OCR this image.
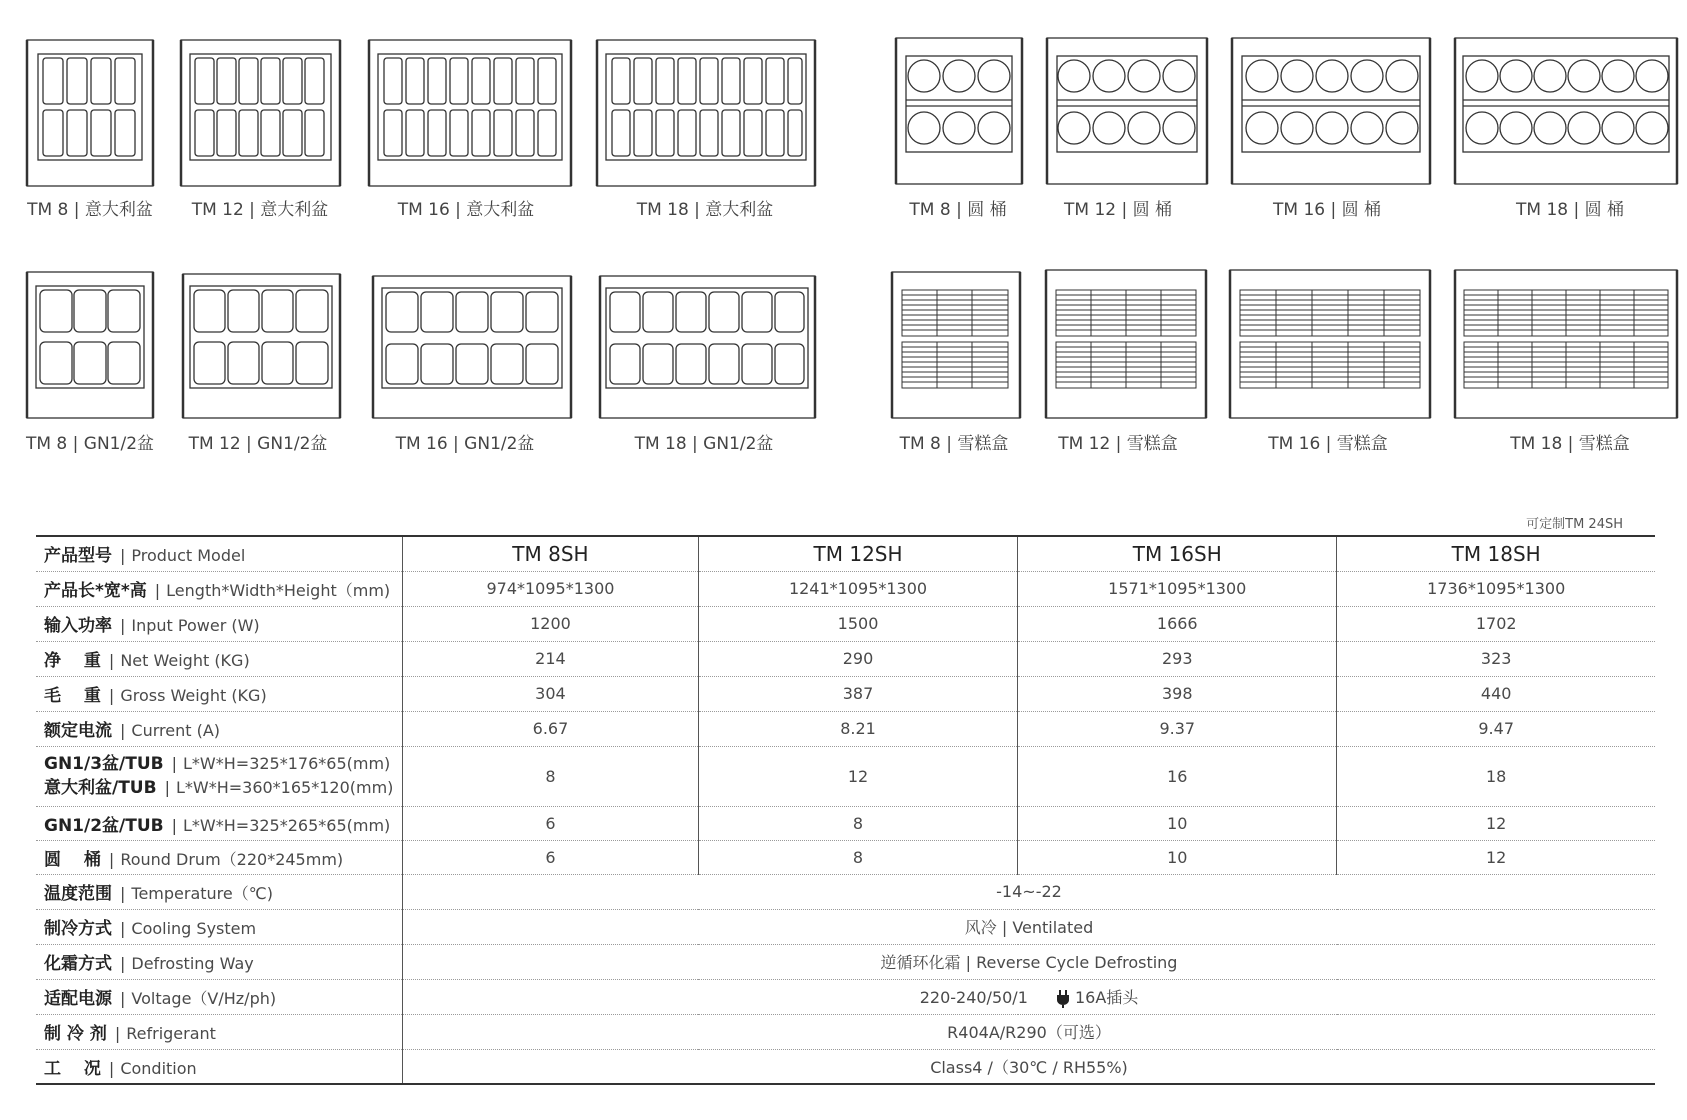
TM 8 | 意大利盆 TM 12 | 意大利盆	TM 16 | 意大利盆	TM 18 | 意大利盆	TM 8 | 圆 桶	TM 12 | 圆 桶	TM 16 | 圆 桶	TM 18 | 圆 桶
TM 8 | GN1/2盆 TM 12 | GN1/2盆	TM 16 | GN1/2盆	TM 18 | GN1/2盆	TM 8 | 雪糕盒	TM 12 | 雪糕盒	TM 16 | 雪糕盒	TM 18 | 雪糕盒
可定制TM 24SH
产品型号 | Product Model	TM 8SH	TM 12SH	TM 16SH	TM 18SH
产品长*宽*高 | Length*Width*Height（mm)	974*1095*1300	1241*1095*1300	1571*1095*1300	1736*1095*1300
输入功率 | Input Power (W)	1200	1500	1666	1702
净　 重 | Net Weight (KG)	214	290	293	323
毛　 重 | Gross Weight (KG)	304	387	398	440
额定电流 | Current (A)	6.67	8.21	9.37	9.47

GN1/3盆/TUB | L*W*H=325*176*65(mm)
意大利盆/TUB | L*W*H=360*165*120(mm)	8	12	16	18
GN1/2盆/TUB | L*W*H=325*265*65(mm)	6	8	10	12
圆　 桶 | Round Drum（220*245mm)	6	8	10	12
温度范围 | Temperature（℃)	-14~-22			
制冷方式 | Cooling System	风冷 | Ventilated			
化霜方式 | Defrosting Way	逆循环化霜 | Reverse Cycle Defrosting			
适配电源 | Voltage（V/Hz/ph)	220-240/50/1 16A插头			
制 冷 剂 | Refrigerant	R404A/R290（可选）			
工　 况 | Condition	Class4 /（30℃ / RH55%)			
